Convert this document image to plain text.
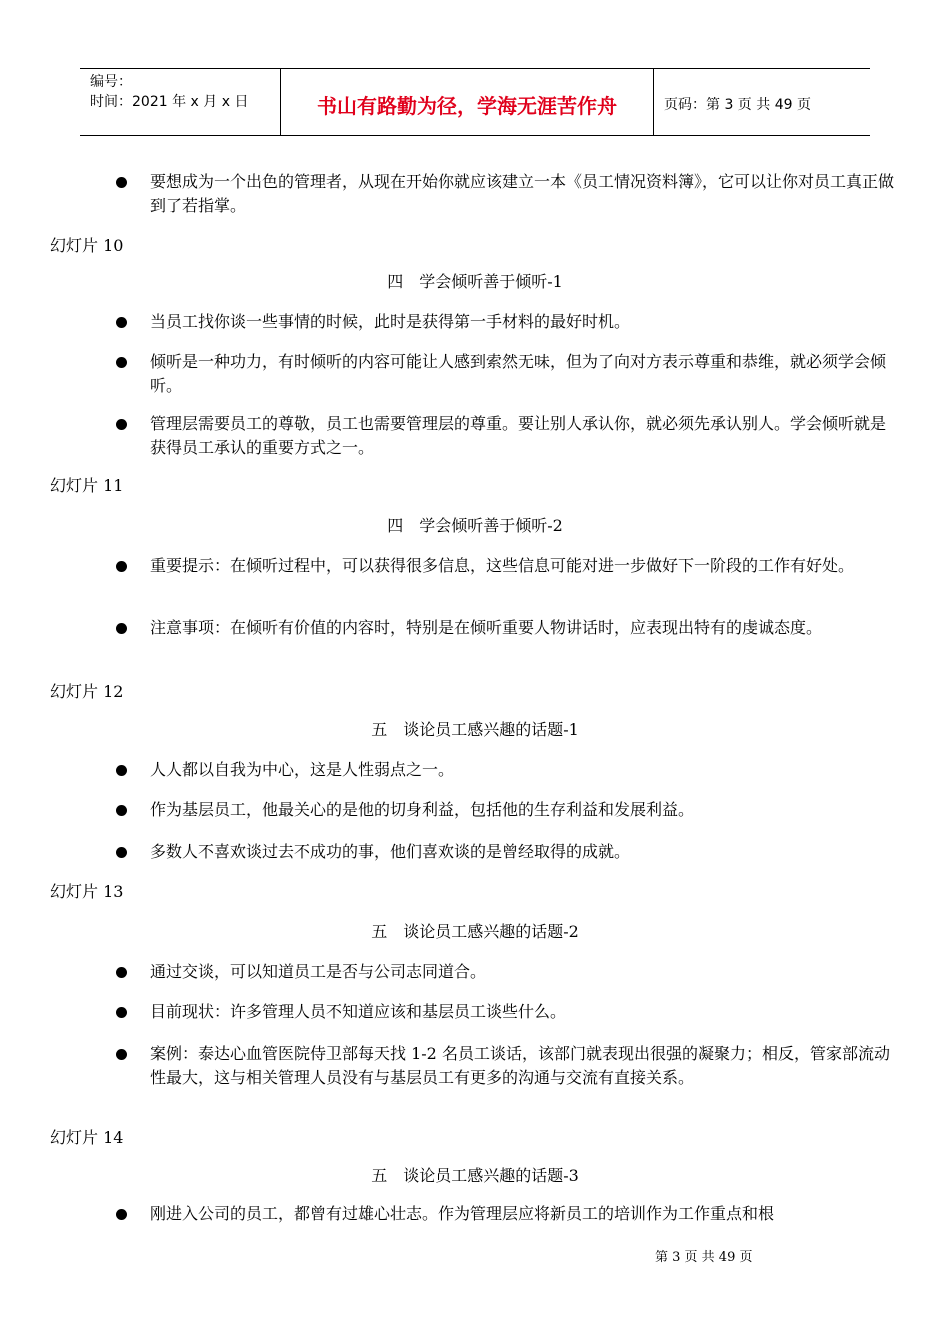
编号：
时间：2021 年 x 月 x 日	书山有路勤为径，学海无涯苦作舟	页码：第 3 页 共 49 页
要想成为一个出色的管理者，从现在开始你就应该建立一本《员工情况资料簿》，它可以让你对员工真正做到了若指掌。
幻灯片 10
四　学会倾听善于倾听-1
当员工找你谈一些事情的时候，此时是获得第一手材料的最好时机。
倾听是一种功力，有时倾听的内容可能让人感到索然无味，但为了向对方表示尊重和恭维，就必须学会倾听。
管理层需要员工的尊敬，员工也需要管理层的尊重。要让别人承认你，就必须先承认别人。学会倾听就是获得员工承认的重要方式之一。
幻灯片 11
四　学会倾听善于倾听-2
重要提示：在倾听过程中，可以获得很多信息，这些信息可能对进一步做好下一阶段的工作有好处。
注意事项：在倾听有价值的内容时，特别是在倾听重要人物讲话时，应表现出特有的虔诚态度。
幻灯片 12
五　谈论员工感兴趣的话题-1
人人都以自我为中心，这是人性弱点之一。
作为基层员工，他最关心的是他的切身利益，包括他的生存利益和发展利益。
多数人不喜欢谈过去不成功的事，他们喜欢谈的是曾经取得的成就。
幻灯片 13
五　谈论员工感兴趣的话题-2
通过交谈，可以知道员工是否与公司志同道合。
目前现状：许多管理人员不知道应该和基层员工谈些什么。
案例：泰达心血管医院侍卫部每天找 1-2 名员工谈话，该部门就表现出很强的凝聚力；相反，管家部流动性最大，这与相关管理人员没有与基层员工有更多的沟通与交流有直接关系。
幻灯片 14
五　谈论员工感兴趣的话题-3
刚进入公司的员工，都曾有过雄心壮志。作为管理层应将新员工的培训作为工作重点和根
第 3 页 共 49 页
